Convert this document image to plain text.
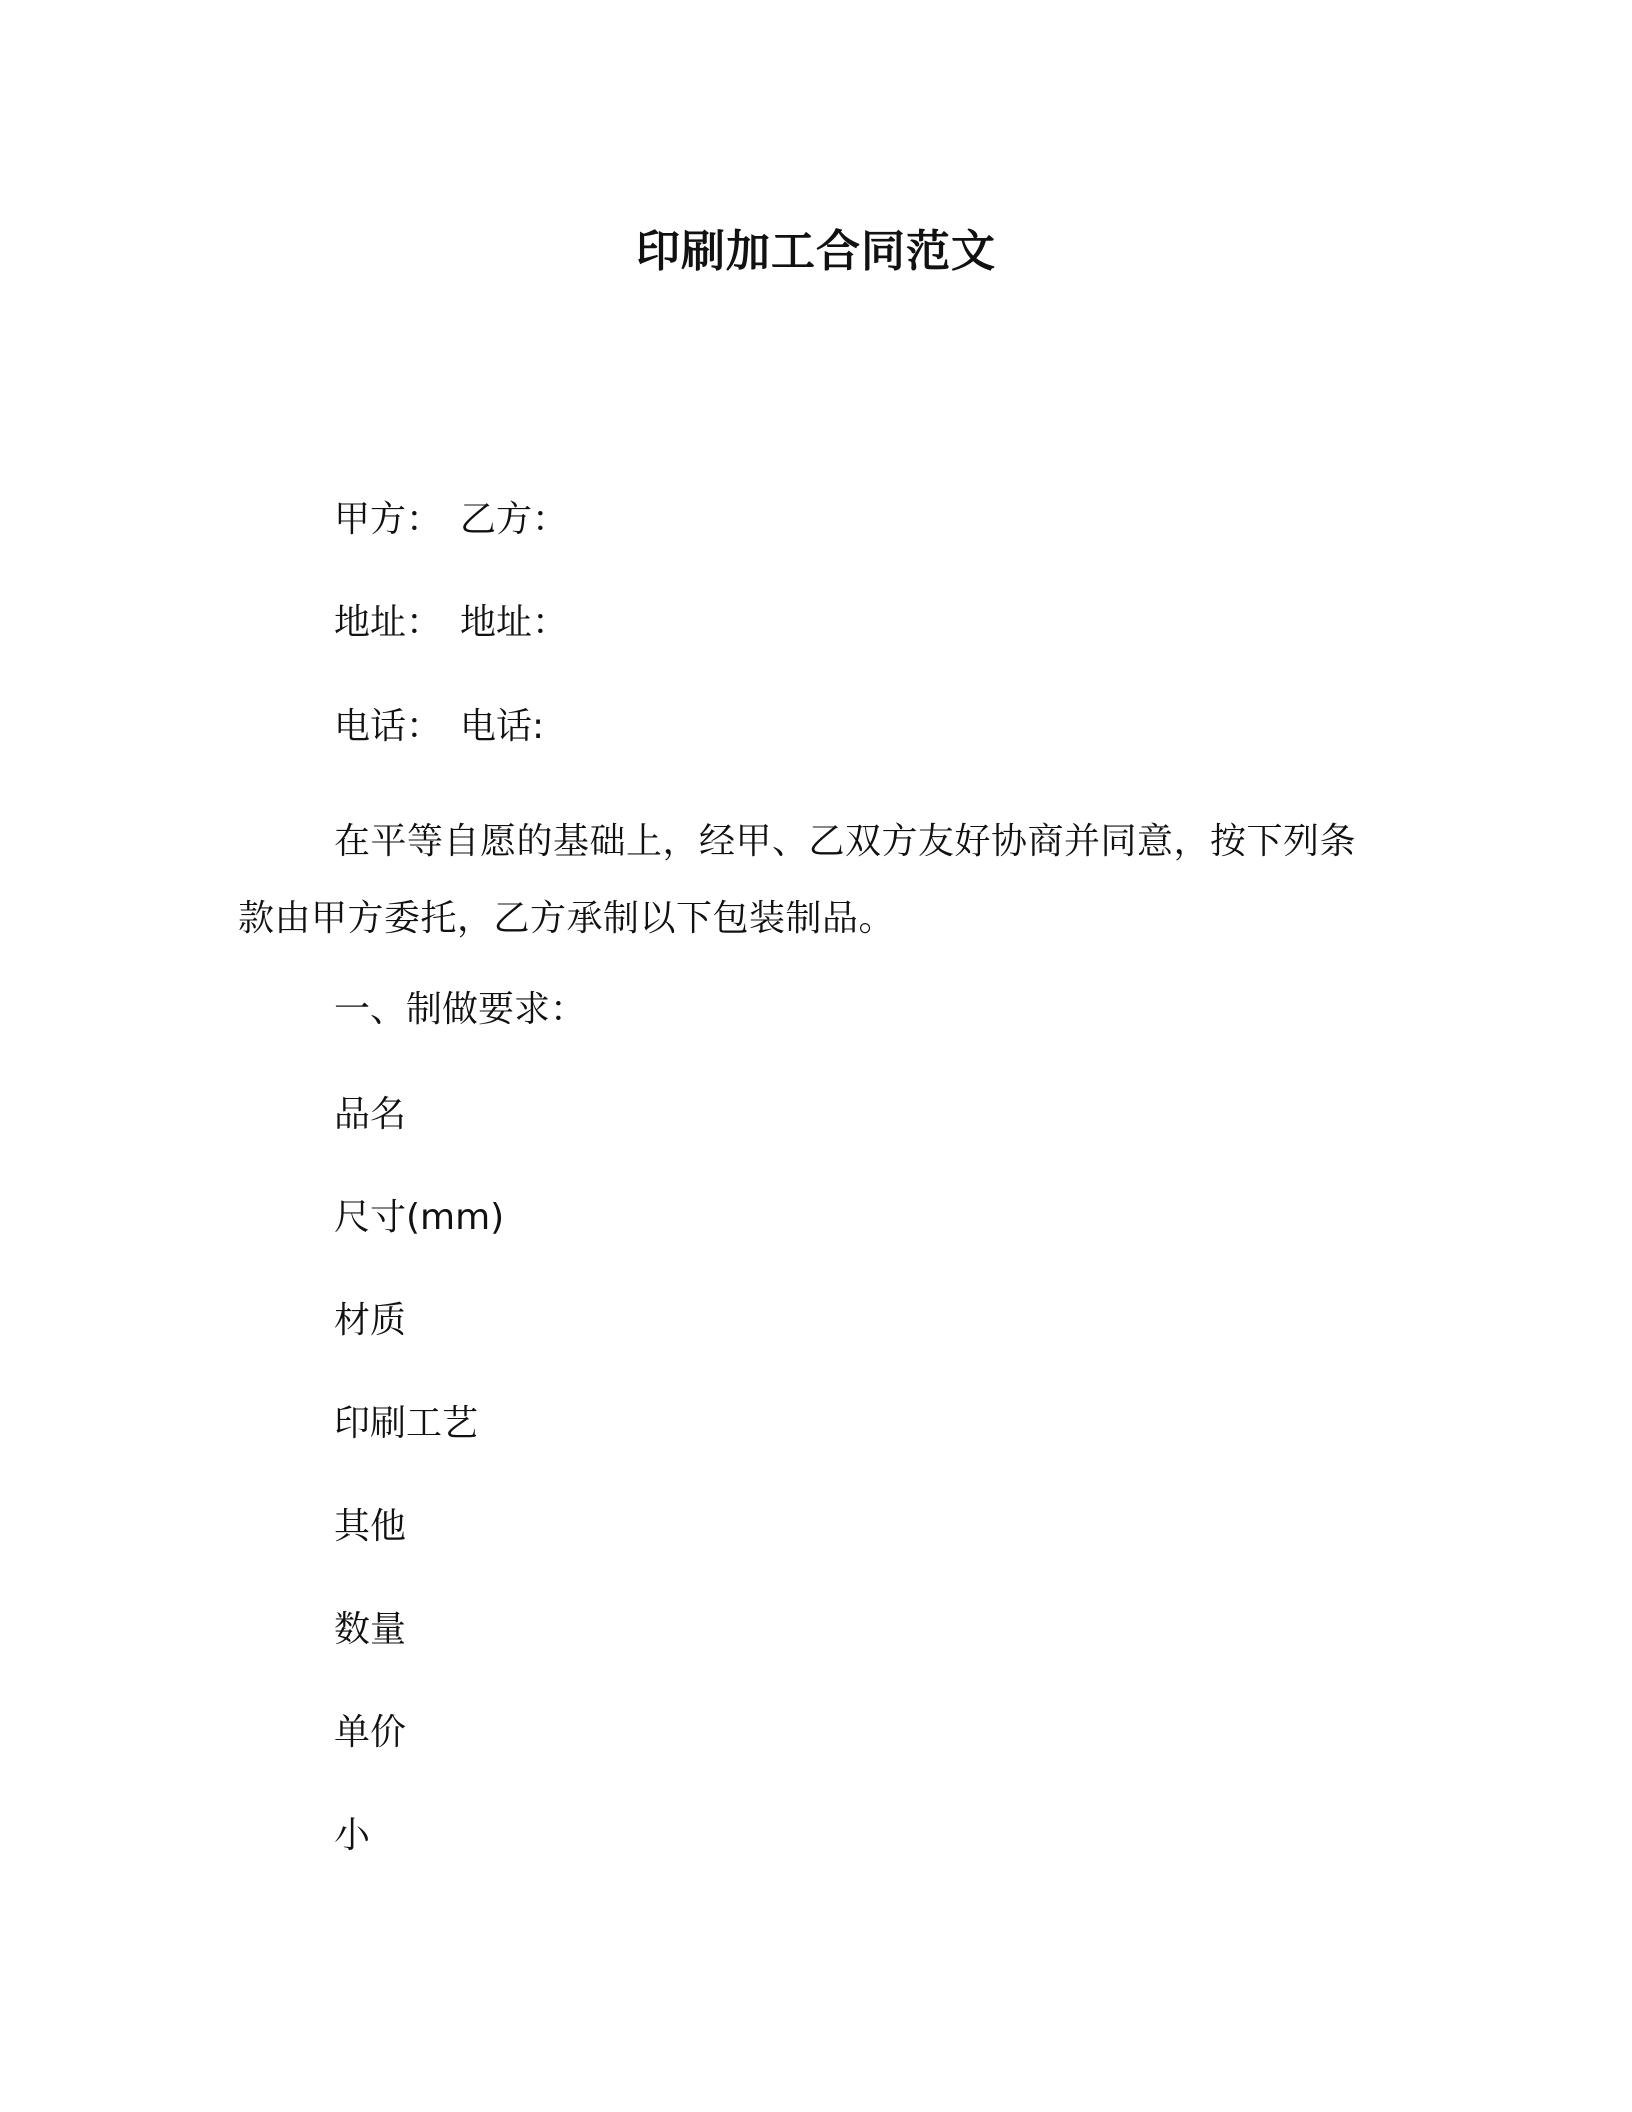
印刷加工合同范文
甲方： 乙方：
地址： 地址：
电话： 电话:
在平等自愿的基础上，经甲、乙双方友好协商并同意，按下列条款由甲方委托，乙方承制以下包装制品。
一、制做要求：
品名
尺寸(mm)
材质
印刷工艺
其他
数量
单价
小
